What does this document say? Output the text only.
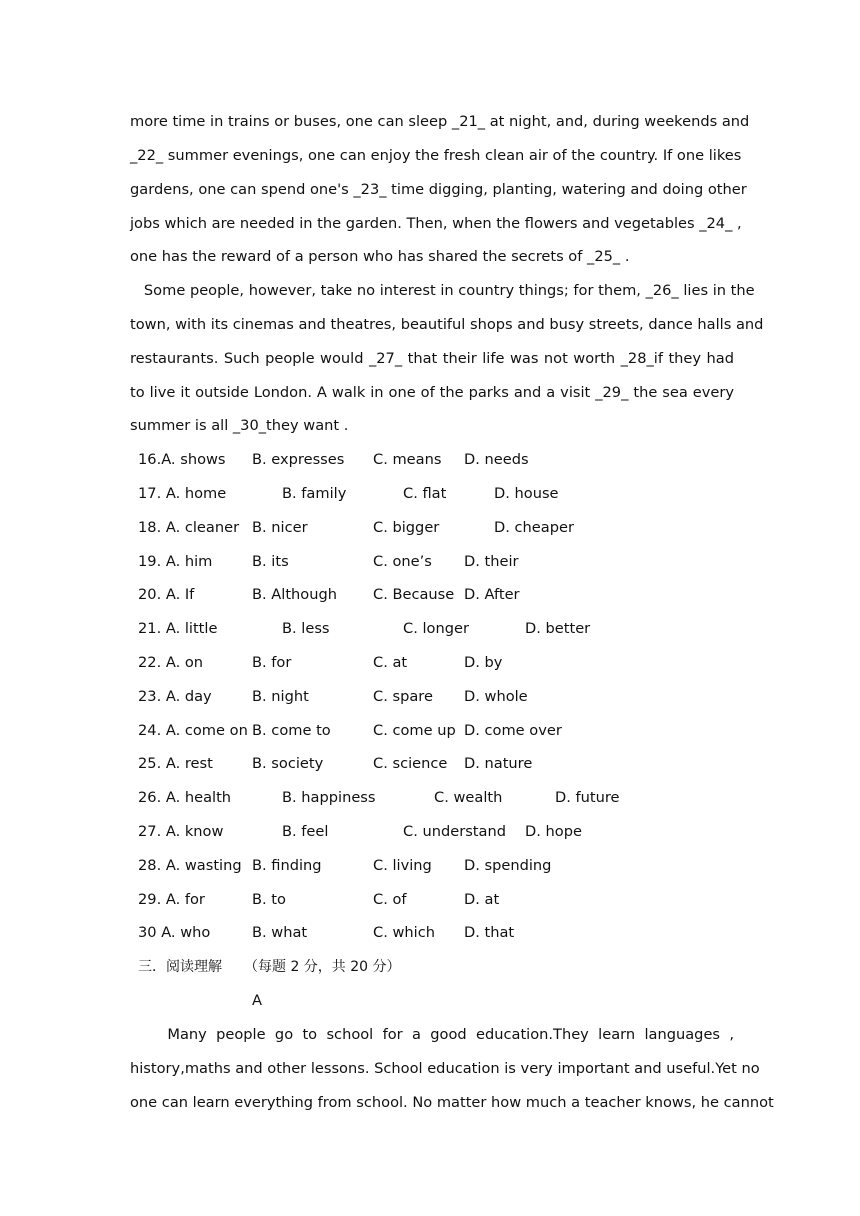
more time in trains or buses, one can sleep _21_ at night, and, during weekends and
_22_ summer evenings, one can enjoy the fresh clean air of the country. If one likes
gardens, one can spend one's _23_ time digging, planting, watering and doing other
jobs which are needed in the garden. Then, when the flowers and vegetables _24_ ,
one has the reward of a person who has shared the secrets of _25_ .
Some people, however, take no interest in country things; for them, _26_ lies in the
town, with its cinemas and theatres, beautiful shops and busy streets, dance halls and
restaurants. Such people would _27_ that their life was not worth _28_if they had
to live it outside London. A walk in one of the parks and a visit _29_ the sea every
summer is all _30_they want .
16.A. shows B. expresses C. means D. needs
17. A. home	B. family	C. flat	D. house
18. A. cleaner B. nicer	C. bigger	D. cheaper
19. A. him	B. its	C. one’s D. their
20. A. If	B. Although C. Because D. After
21. A. little	B. less	C. longer	D. better
22. A. on	B. for	C. at	D. by
23. A. day	B. night	C. spare D. whole
24. A. come on B. come to	C. come up D. come over
25. A. rest	B. society	C. science D. nature
26. A. health	B. happiness	C. wealth	D. future
27. A. know	B. feel	C. understand D. hope
28. A. wasting B. finding	C. living D. spending
29. A. for	B. to	C. of	D. at
30 A. who	B. what	C. which D. that
三．阅读理解 （每题 2 分，共 20 分）
A
Many people go to school for a good education.They learn languages ,
history,maths and other lessons. School education is very important and useful.Yet no
one can learn everything from school. No matter how much a teacher knows, he cannot
